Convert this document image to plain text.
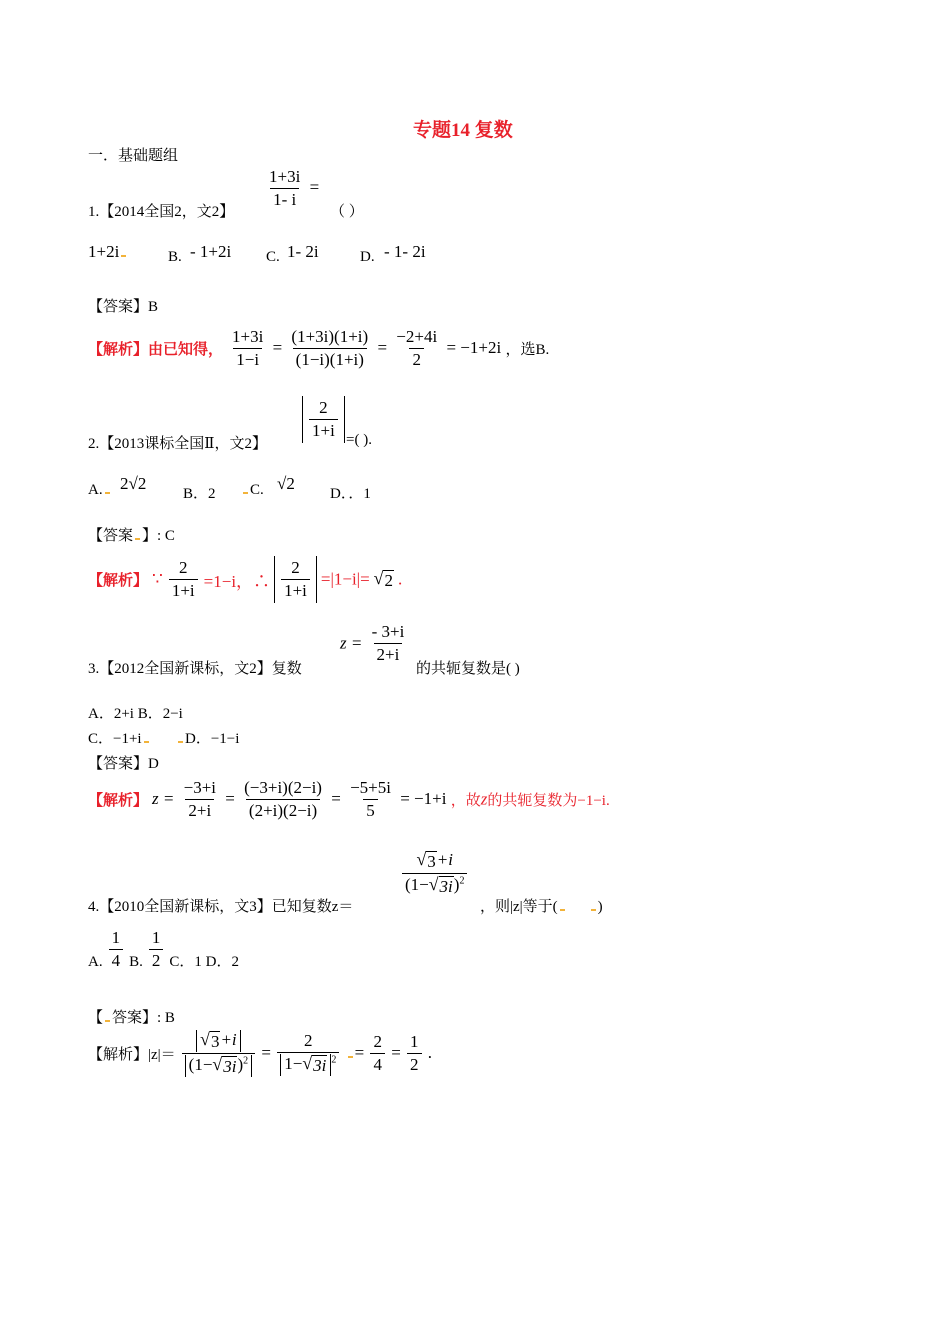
专题14 复数
一．基础题组
1.【2014全国2，文2】
$\frac{1+3i}{1- i}$ =
（ ）
1+2i	B. - 1+2i C. 1- 2i	D. - 1- 2i
【答案】B
【解析】由已知得， $\frac{1+3i}{1-i} = \frac{(1+3i)(1+i)}{(1-i)(1+i)} = \frac{-2+4i}{2} = -1+2i$ ，选B.
2.【2013课标全国Ⅱ，文2】
$\frac{2}{1+i}$ =( ).
A.	2√2
B．2	C. √2
D．．1
【答案 】: C
【解析】 ∵ $\frac{2}{1+i} =1-i$，∴ $\frac{2}{1+i} =|1-i|=$ √ 2 .
3.【2012全国新课标，文2】复数
$z = \frac{- 3+i}{2+i}$
的共轭复数是( )
A．2+i B．2−i
C．−1+i	D．−1−i
【答案】D
【解析】 $z = \frac{-3+i}{2+i} = \frac{(-3+i)(2-i)}{(2+i)(2-i)} = \frac{-5+5i}{5} = -1+i$ ，故z的共轭复数为−1−i.
4.【2010全国新课标，文3】已知复数z＝
$\frac{√ 3 +i}{(1- √ 3i )^2}$
，则|z|等于(	)
A. $\frac{1}{4} B$. $\frac{1}{2}$ C．1 D．2
【 答案】: B
【解析】$|z|= \frac{√ 3 +i}{(1- √ 3i )^2} = \frac{2}{1- √ 3i ^2} = \frac{2}{4} = \frac{1}{2}$ .
